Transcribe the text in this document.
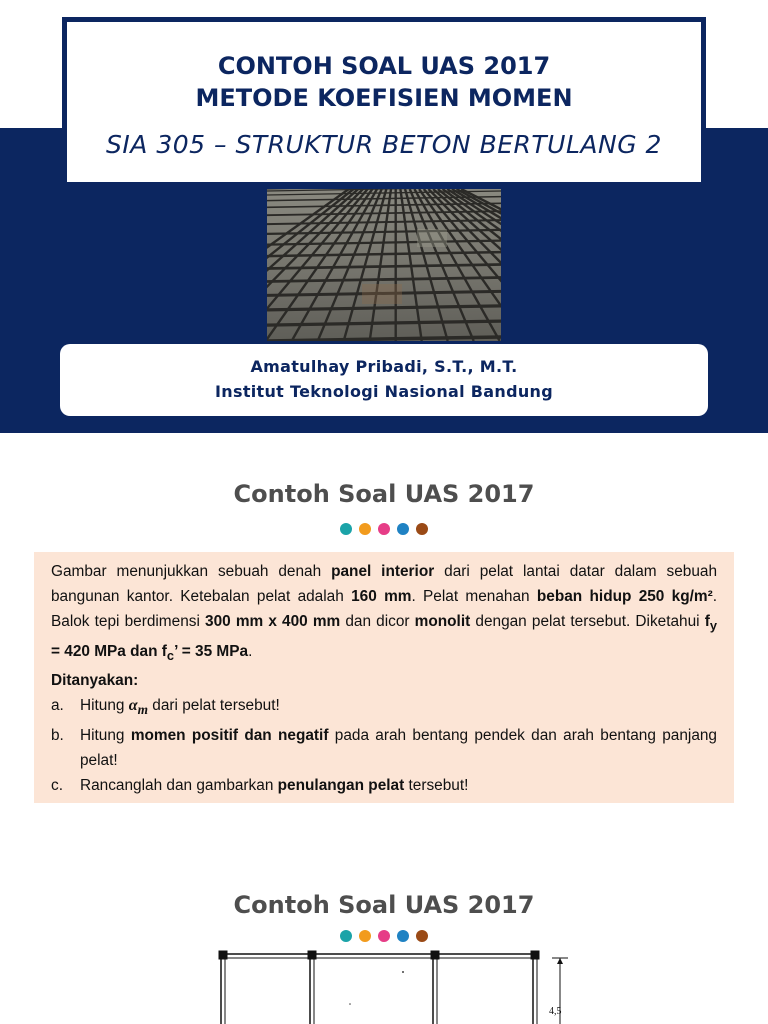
CONTOH SOAL UAS 2017
METODE KOEFISIEN MOMEN
SIA 305 – STRUKTUR BETON BERTULANG 2
Amatulhay Pribadi, S.T., M.T.
Institut Teknologi Nasional Bandung
Contoh Soal UAS 2017
Gambar menunjukkan sebuah denah panel interior dari pelat lantai datar dalam sebuah bangunan kantor. Ketebalan pelat adalah 160 mm. Pelat menahan beban hidup 250 kg/m². Balok tepi berdimensi 300 mm x 400 mm dan dicor monolit dengan pelat tersebut. Diketahui $f_y = 420$ MPa dan $f_c$’ = 35 MPa.
Ditanyakan:
a.	Hitung $\alpha_m$ dari pelat tersebut!
b.	Hitung momen positif dan negatif pada arah bentang pendek dan arah bentang panjang pelat!
c.	Rancanglah dan gambarkan penulangan pelat tersebut!
Contoh Soal UAS 2017
4,5
